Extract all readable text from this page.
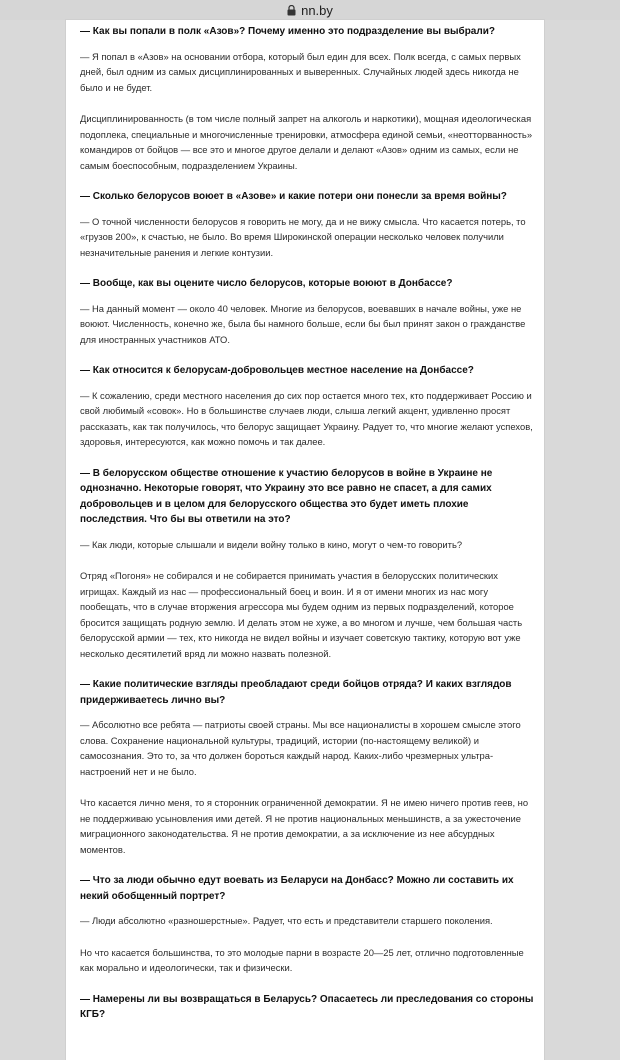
nn.by

— Как вы попали в полк «Азов»? Почему именно это подразделение вы выбрали?

— Я попал в «Азов» на основании отбора, который был един для всех. Полк всегда, с самых первых дней, был одним из самых дисциплинированных и выверенных. Случайных людей здесь никогда не было и не будет.

Дисциплинированность (в том числе полный запрет на алкоголь и наркотики), мощная идеологическая подоплека, специальные и многочисленные тренировки, атмосфера единой семьи, «неотторванность» командиров от бойцов — все это и многое другое делали и делают «Азов» одним из самых, если не самым боеспособным, подразделением Украины.

— Сколько белорусов воюет в «Азове» и какие потери они понесли за время войны?

— О точной численности белорусов я говорить не могу, да и не вижу смысла. Что касается потерь, то «грузов 200», к счастью, не было. Во время Широкинской операции несколько человек получили незначительные ранения и легкие контузии.

— Вообще, как вы оцените число белорусов, которые воюют в Донбассе?

— На данный момент — около 40 человек. Многие из белорусов, воевавших в начале войны, уже не воюют. Численность, конечно же, была бы намного больше, если бы был принят закон о гражданстве для иностранных участников АТО.

— Как относится к белорусам-добровольцев местное население на Донбассе?

— К сожалению, среди местного населения до сих пор остается много тех, кто поддерживает Россию и свой любимый «совок». Но в большинстве случаев люди, слыша легкий акцент, удивленно просят рассказать, как так получилось, что белорус защищает Украину. Радует то, что многие желают успехов, здоровья, интересуются, как можно помочь и так далее.

— В белорусском обществе отношение к участию белорусов в войне в Украине не однозначно. Некоторые говорят, что Украину это все равно не спасет, а для самих добровольцев и в целом для белорусского общества это будет иметь плохие последствия. Что бы вы ответили на это?

— Как люди, которые слышали и видели войну только в кино, могут о чем-то говорить?

Отряд «Погоня» не собирался и не собирается принимать участия в белорусских политических игрищах. Каждый из нас — профессиональный боец и воин. И я от имени многих из нас могу пообещать, что в случае вторжения агрессора мы будем одним из первых подразделений, которое бросится защищать родную землю. И делать этом не хуже, а во многом и лучше, чем большая часть белорусской армии — тех, кто никогда не видел войны и изучает советскую тактику, которую вот уже несколько десятилетий вряд ли можно назвать полезной.

— Какие политические взгляды преобладают среди бойцов отряда? И каких взглядов придерживаетесь лично вы?

— Абсолютно все ребята — патриоты своей страны. Мы все националисты в хорошем смысле этого слова. Сохранение национальной культуры, традиций, истории (по-настоящему великой) и самосознания. Это то, за что должен бороться каждый народ. Каких-либо чрезмерных ультра-настроений нет и не было.

Что касается лично меня, то я сторонник ограниченной демократии. Я не имею ничего против геев, но не поддерживаю усыновления ими детей. Я не против национальных меньшинств, а за ужесточение миграционного законодательства. Я не против демократии, а за исключение из нее абсурдных моментов.

— Что за люди обычно едут воевать из Беларуси на Донбасс? Можно ли составить их некий обобщенный портрет?

— Люди абсолютно «разношерстные». Радует, что есть и представители старшего поколения.

Но что касается большинства, то это молодые парни в возрасте 20—25 лет, отлично подготовленные как морально и идеологически, так и физически.

— Намерены ли вы возвращаться в Беларусь? Опасаетесь ли преследования со стороны КГБ?
